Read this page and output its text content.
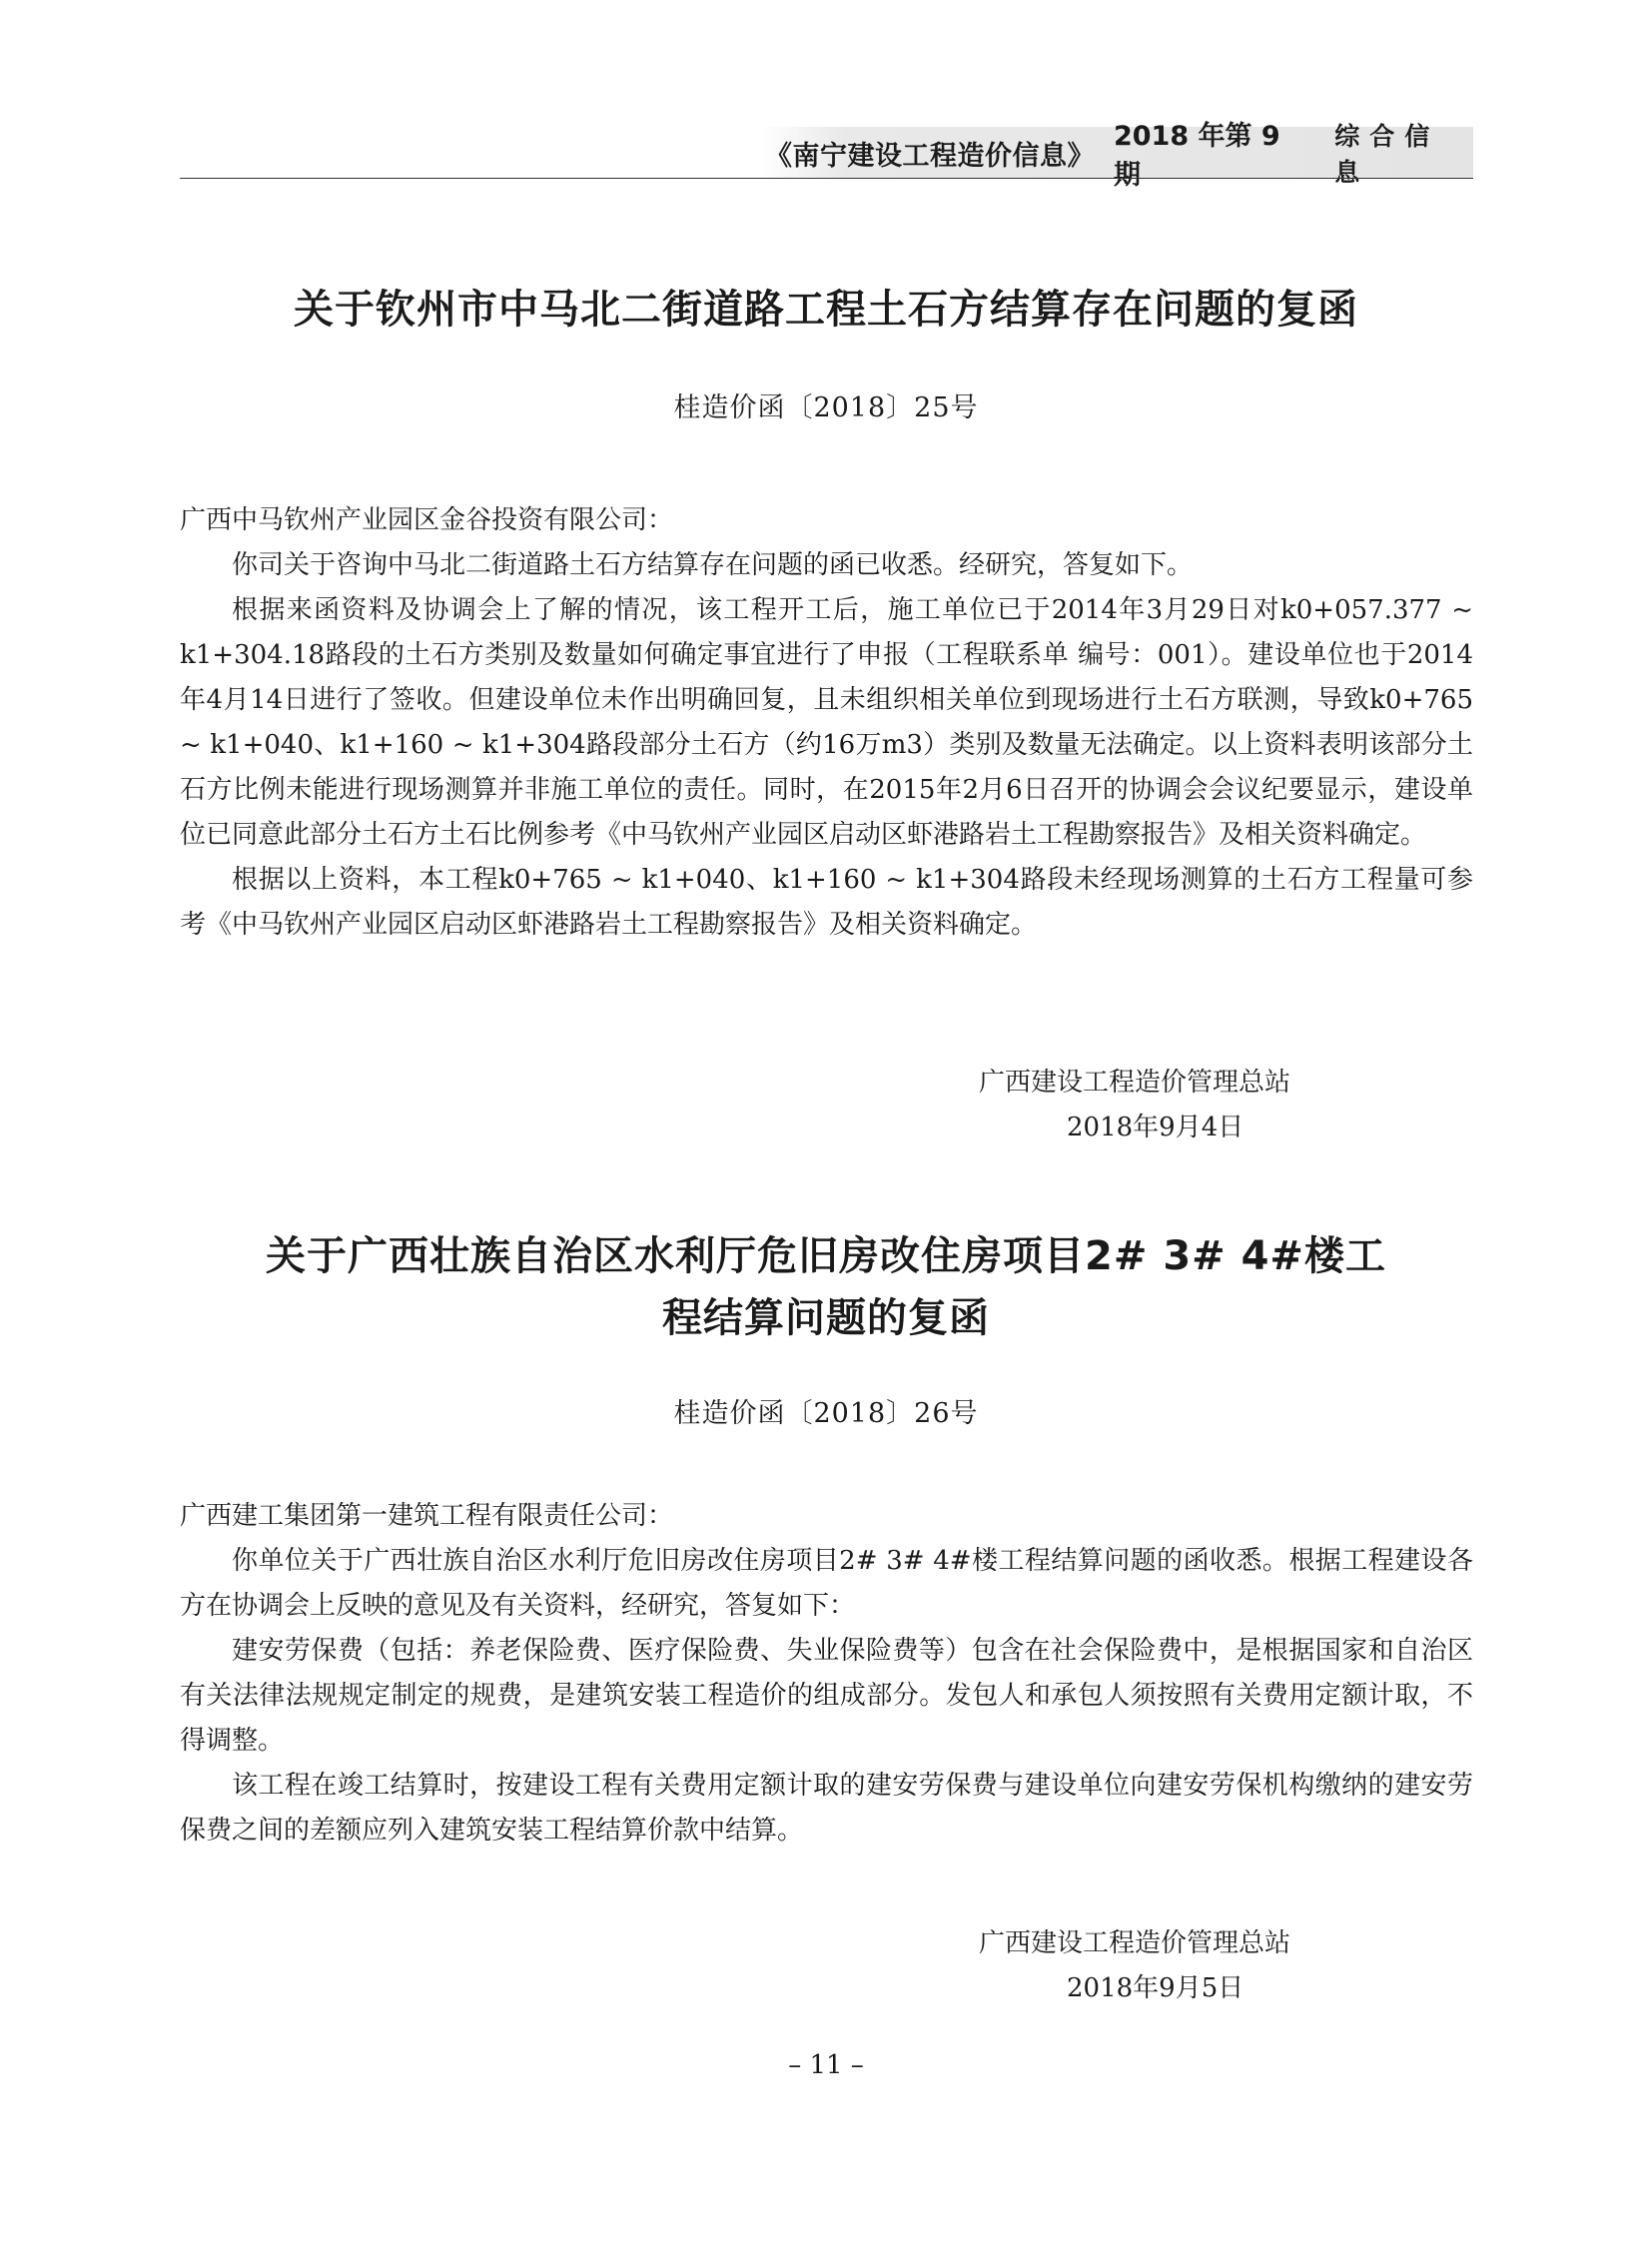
《南宁建设工程造价信息》
2018 年第 9 期
综合信息
关于钦州市中马北二街道路工程土石方结算存在问题的复函
桂造价函〔2018〕25号

广西中马钦州产业园区金谷投资有限公司：

你司关于咨询中马北二街道路土石方结算存在问题的函已收悉。经研究，答复如下。

根据来函资料及协调会上了解的情况，该工程开工后，施工单位已于2014年3月29日对k0+057.377 ~ k1+304.18路段的土石方类别及数量如何确定事宜进行了申报（工程联系单 编号：001）。建设单位也于2014年4月14日进行了签收。但建设单位未作出明确回复，且未组织相关单位到现场进行土石方联测，导致k0+765 ~ k1+040、k1+160 ~ k1+304路段部分土石方（约16万m3）类别及数量无法确定。以上资料表明该部分土石方比例未能进行现场测算并非施工单位的责任。同时，在2015年2月6日召开的协调会会议纪要显示，建设单位已同意此部分土石方土石比例参考《中马钦州产业园区启动区虾港路岩土工程勘察报告》及相关资料确定。

根据以上资料，本工程k0+765 ~ k1+040、k1+160 ~ k1+304路段未经现场测算的土石方工程量可参考《中马钦州产业园区启动区虾港路岩土工程勘察报告》及相关资料确定。

广西建设工程造价管理总站
2018年9月4日
关于广西壮族自治区水利厅危旧房改住房项目2# 3# 4#楼工
程结算问题的复函
桂造价函〔2018〕26号

广西建工集团第一建筑工程有限责任公司：

你单位关于广西壮族自治区水利厅危旧房改住房项目2# 3# 4#楼工程结算问题的函收悉。根据工程建设各方在协调会上反映的意见及有关资料，经研究，答复如下：

建安劳保费（包括：养老保险费、医疗保险费、失业保险费等）包含在社会保险费中，是根据国家和自治区有关法律法规规定制定的规费，是建筑安装工程造价的组成部分。发包人和承包人须按照有关费用定额计取，不得调整。

该工程在竣工结算时，按建设工程有关费用定额计取的建安劳保费与建设单位向建安劳保机构缴纳的建安劳保费之间的差额应列入建筑安装工程结算价款中结算。

广西建设工程造价管理总站
2018年9月5日
– 11 –
